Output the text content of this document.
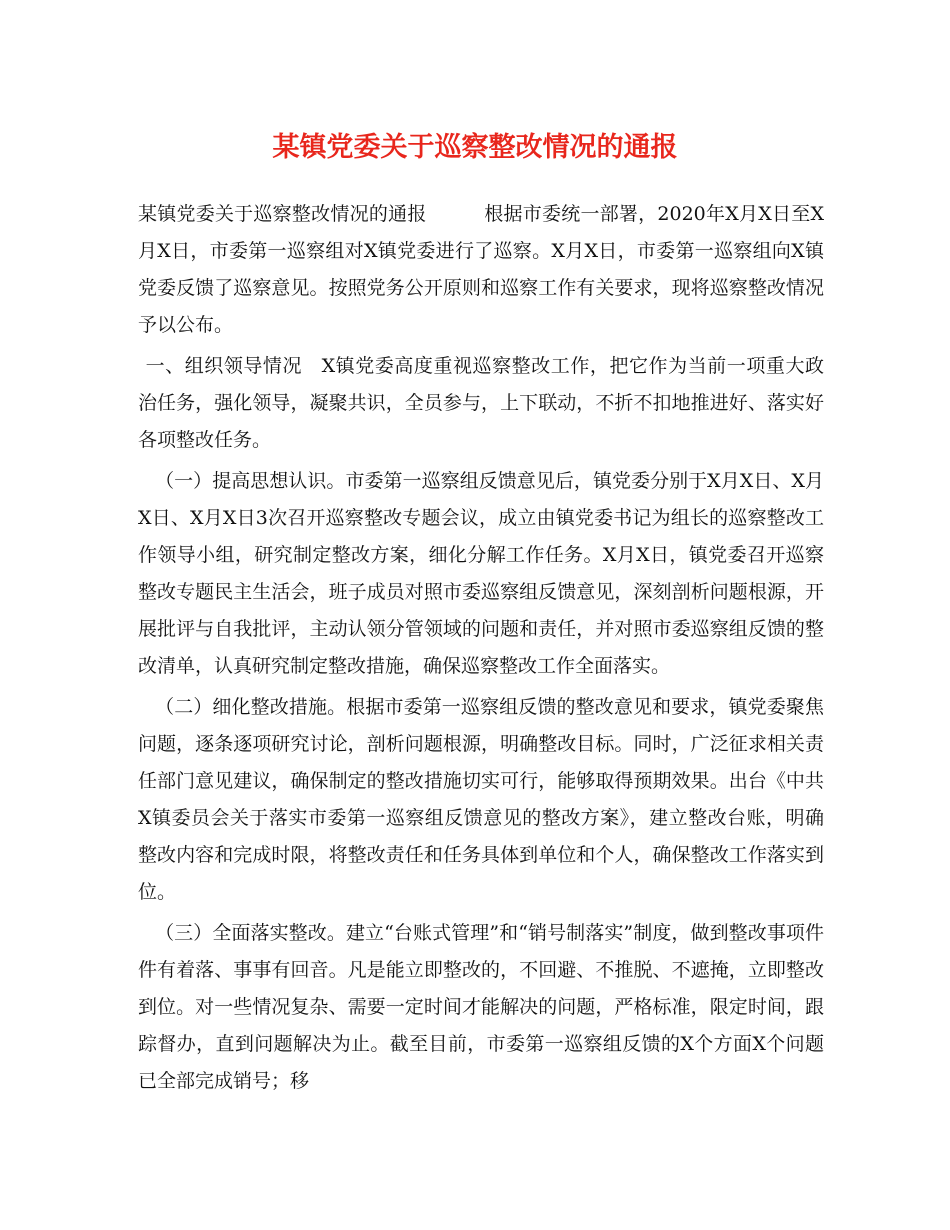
某镇党委关于巡察整改情况的通报

某镇党委关于巡察整改情况的通报　　　根据市委统一部署，2020年X月X日至X月X日，市委第一巡察组对X镇党委进行了巡察。X月X日，市委第一巡察组向X镇党委反馈了巡察意见。按照党务公开原则和巡察工作有关要求，现将巡察整改情况予以公布。

一、组织领导情况　X镇党委高度重视巡察整改工作，把它作为当前一项重大政治任务，强化领导，凝聚共识，全员参与，上下联动，不折不扣地推进好、落实好各项整改任务。

（一）提高思想认识。市委第一巡察组反馈意见后，镇党委分别于X月X日、X月X日、X月X日3次召开巡察整改专题会议，成立由镇党委书记为组长的巡察整改工作领导小组，研究制定整改方案，细化分解工作任务。X月X日，镇党委召开巡察整改专题民主生活会，班子成员对照市委巡察组反馈意见，深刻剖析问题根源，开展批评与自我批评，主动认领分管领域的问题和责任，并对照市委巡察组反馈的整改清单，认真研究制定整改措施，确保巡察整改工作全面落实。

（二）细化整改措施。根据市委第一巡察组反馈的整改意见和要求，镇党委聚焦问题，逐条逐项研究讨论，剖析问题根源，明确整改目标。同时，广泛征求相关责任部门意见建议，确保制定的整改措施切实可行，能够取得预期效果。出台《中共　X镇委员会关于落实市委第一巡察组反馈意见的整改方案》，建立整改台账，明确整改内容和完成时限，将整改责任和任务具体到单位和个人，确保整改工作落实到位。

（三）全面落实整改。建立“台账式管理”和“销号制落实”制度，做到整改事项件件有着落、事事有回音。凡是能立即整改的，不回避、不推脱、不遮掩，立即整改到位。对一些情况复杂、需要一定时间才能解决的问题，严格标准，限定时间，跟踪督办，直到问题解决为止。截至目前，市委第一巡察组反馈的X个方面X个问题已全部完成销号；移
